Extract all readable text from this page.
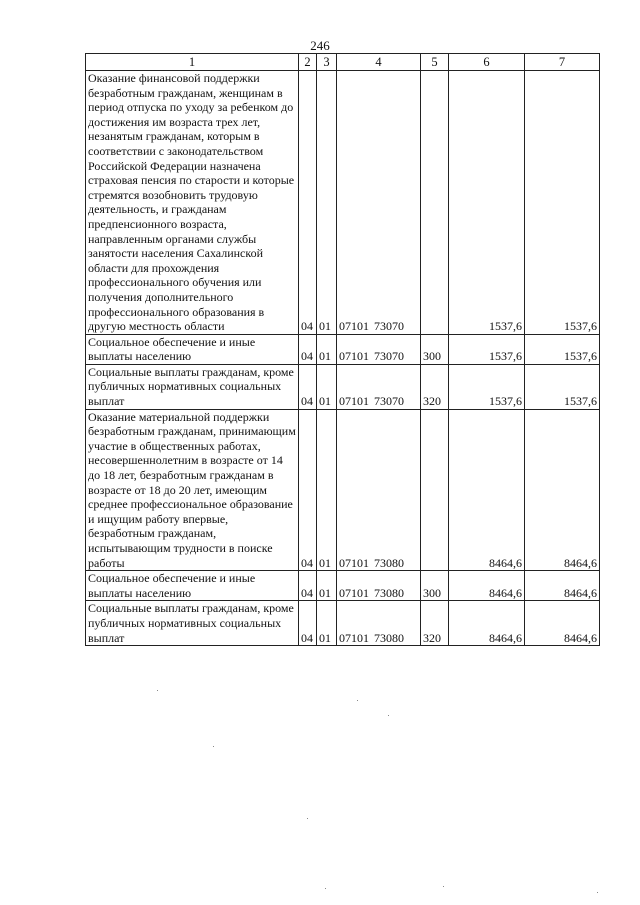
246
1	2	3	4	5	6	7
Оказание финансовой поддержки безработным гражданам, женщинам в период отпуска по уходу за ребенком до достижения им возраста трех лет, незанятым гражданам, которым в соответствии с законодательством Российской Федерации назначена страховая пенсия по старости и которые стремятся возобновить трудовую деятельность, и гражданам предпенсионного возраста, направленным органами службы занятости населения Сахалинской области для прохождения профессионального обучения или получения дополнительного профессионального образования в другую местность области	04	01	07101 73070		1537,6	1537,6
Социальное обеспечение и иные выплаты населению	04	01	07101 73070	300	1537,6	1537,6
Социальные выплаты гражданам, кроме публичных нормативных социальных выплат	04	01	07101 73070	320	1537,6	1537,6
Оказание материальной поддержки безработным гражданам, принимающим участие в общественных работах, несовершеннолетним в возрасте от 14 до 18 лет, безработным гражданам в возрасте от 18 до 20 лет, имеющим среднее профессиональное образование и ищущим работу впервые, безработным гражданам, испытывающим трудности в поиске работы	04	01	07101 73080		8464,6	8464,6
Социальное обеспечение и иные выплаты населению	04	01	07101 73080	300	8464,6	8464,6
Социальные выплаты гражданам, кроме публичных нормативных социальных выплат	04	01	07101 73080	320	8464,6	8464,6
